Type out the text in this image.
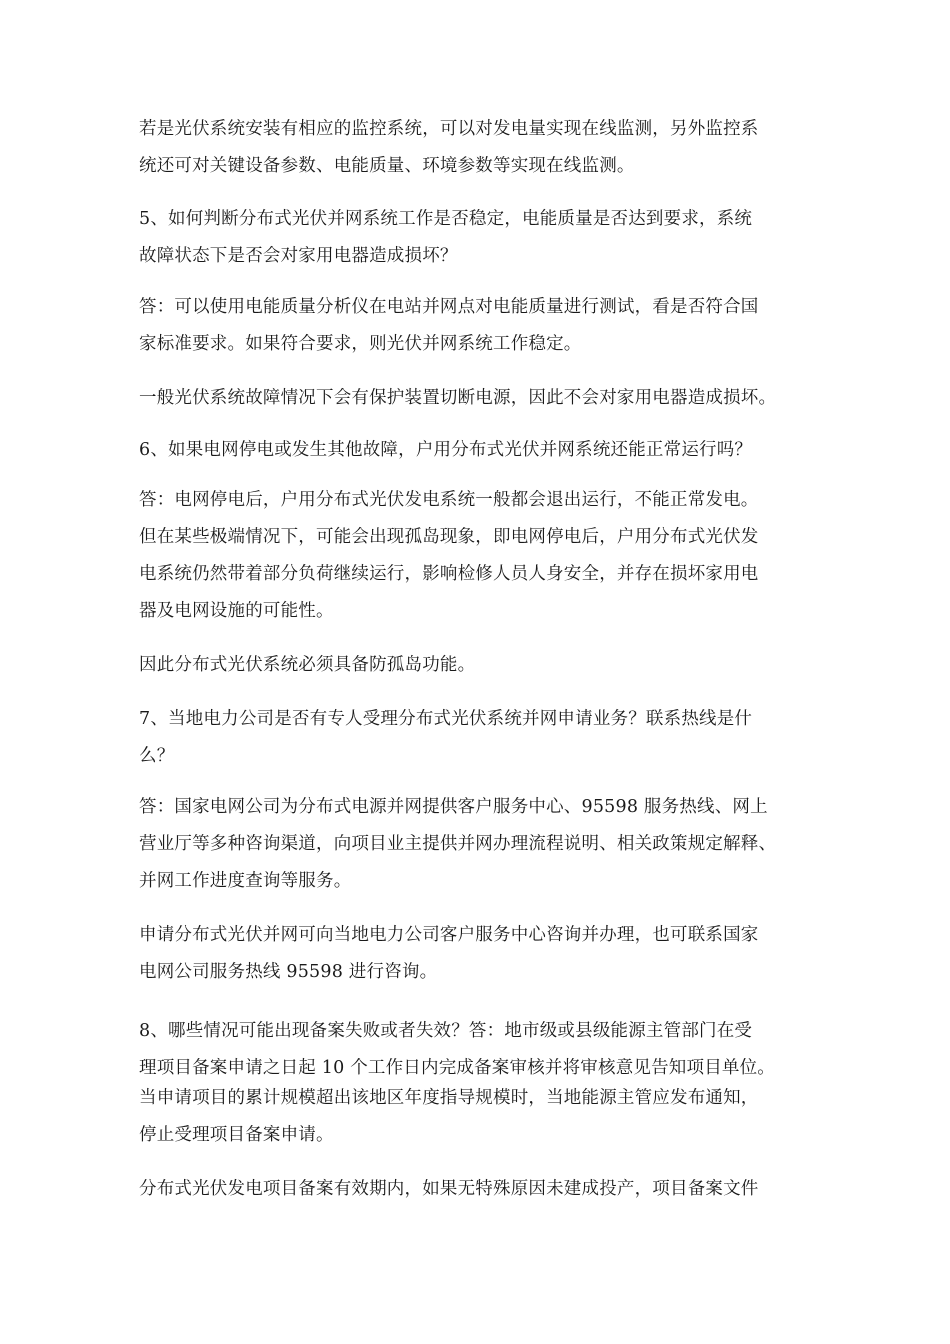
若是光伏系统安装有相应的监控系统，可以对发电量实现在线监测，另外监控系
统还可对关键设备参数、电能质量、环境参数等实现在线监测。

5、如何判断分布式光伏并网系统工作是否稳定，电能质量是否达到要求，系统
故障状态下是否会对家用电器造成损坏？

答：可以使用电能质量分析仪在电站并网点对电能质量进行测试，看是否符合国
家标准要求。如果符合要求，则光伏并网系统工作稳定。

一般光伏系统故障情况下会有保护装置切断电源，因此不会对家用电器造成损坏。

6、如果电网停电或发生其他故障，户用分布式光伏并网系统还能正常运行吗？

答：电网停电后，户用分布式光伏发电系统一般都会退出运行，不能正常发电。
但在某些极端情况下，可能会出现孤岛现象，即电网停电后，户用分布式光伏发
电系统仍然带着部分负荷继续运行，影响检修人员人身安全，并存在损坏家用电
器及电网设施的可能性。

因此分布式光伏系统必须具备防孤岛功能。

7、当地电力公司是否有专人受理分布式光伏系统并网申请业务？联系热线是什
么？

答：国家电网公司为分布式电源并网提供客户服务中心、95598 服务热线、网上
营业厅等多种咨询渠道，向项目业主提供并网办理流程说明、相关政策规定解释、
并网工作进度查询等服务。

申请分布式光伏并网可向当地电力公司客户服务中心咨询并办理，也可联系国家
电网公司服务热线 95598 进行咨询。

8、哪些情况可能出现备案失败或者失效？答：地市级或县级能源主管部门在受
理项目备案申请之日起 10 个工作日内完成备案审核并将审核意见告知项目单位。

当申请项目的累计规模超出该地区年度指导规模时，当地能源主管应发布通知，
停止受理项目备案申请。

分布式光伏发电项目备案有效期内，如果无特殊原因未建成投产，项目备案文件
